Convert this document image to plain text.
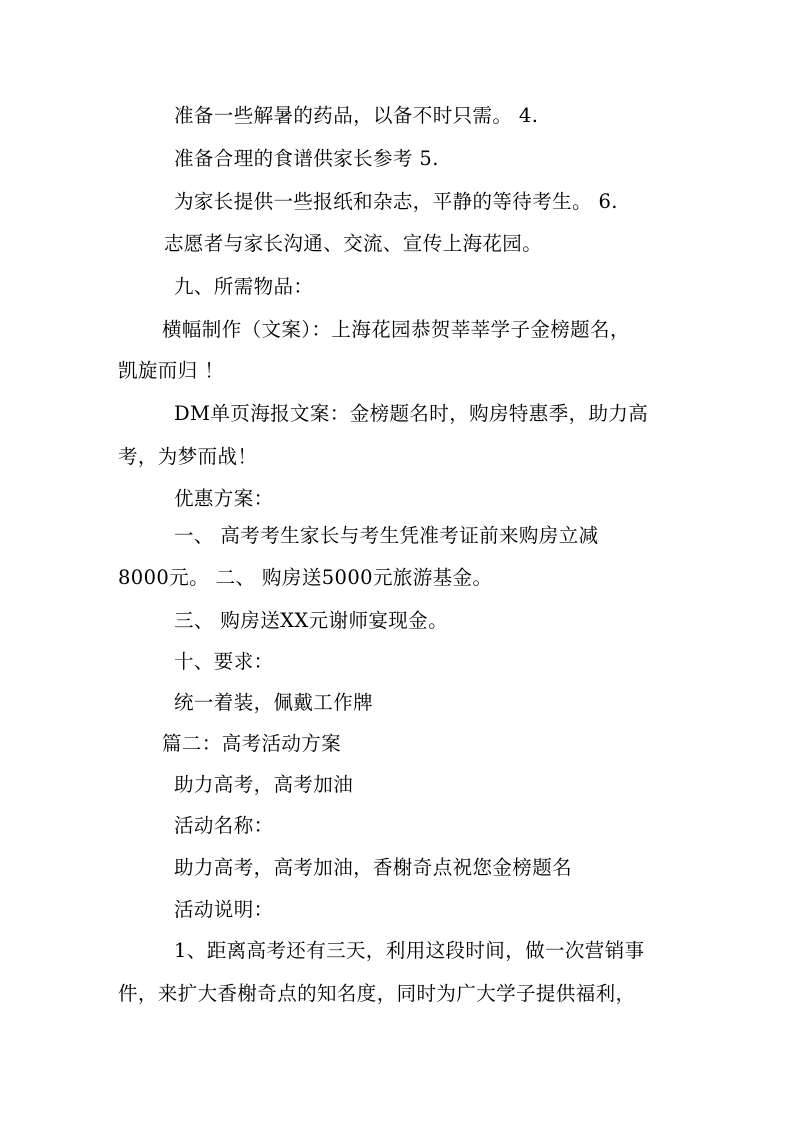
准备一些解暑的药品，以备不时只需。 4.
准备合理的食谱供家长参考 5.
为家长提供一些报纸和杂志，平静的等待考生。 6.
志愿者与家长沟通、交流、宣传上海花园。
九、所需物品：
横幅制作（文案）：上海花园恭贺莘莘学子金榜题名，
凯旋而归 ！
DM单页海报文案：金榜题名时，购房特惠季，助力高
考，为梦而战！
优惠方案：
一、 高考考生家长与考生凭准考证前来购房立减
8000元。 二、 购房送5000元旅游基金。
三、 购房送XX元谢师宴现金。
十、要求：
统一着装，佩戴工作牌
篇二：高考活动方案
助力高考，高考加油
活动名称：
助力高考，高考加油，香榭奇点祝您金榜题名
活动说明：
1、距离高考还有三天，利用这段时间，做一次营销事
件，来扩大香榭奇点的知名度，同时为广大学子提供福利，
